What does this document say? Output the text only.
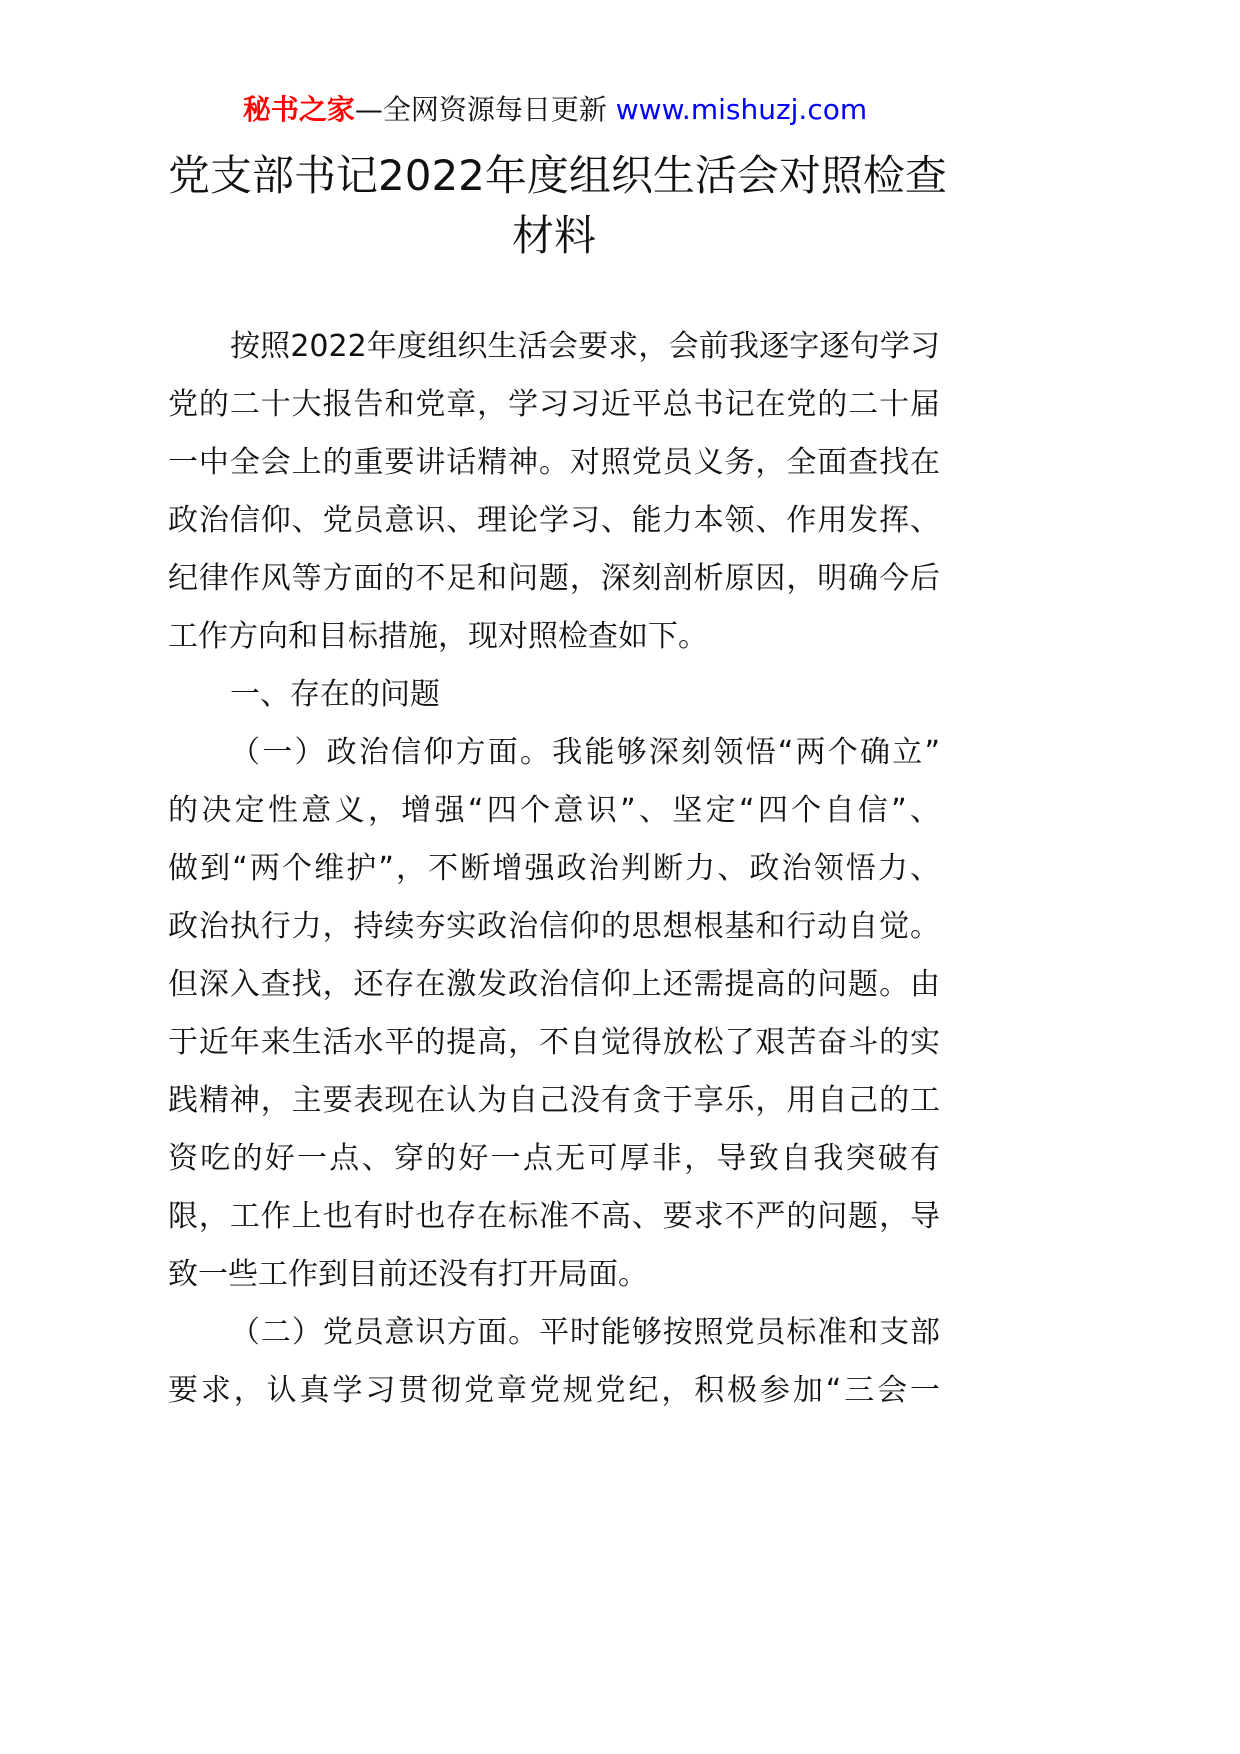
秘书之家—全网资源每日更新 www.mishuzj.com
党支部书记2022年度组织生活会对照检查
材料
按照2022年度组织生活会要求，会前我逐字逐句学习
党的二十大报告和党章，学习习近平总书记在党的二十届
一中全会上的重要讲话精神。对照党员义务，全面查找在
政治信仰、党员意识、理论学习、能力本领、作用发挥、
纪律作风等方面的不足和问题，深刻剖析原因，明确今后
工作方向和目标措施，现对照检查如下。
一、存在的问题
（一）政治信仰方面。我能够深刻领悟“两个确立”
的决定性意义，增强“四个意识”、坚定“四个自信”、
做到“两个维护”，不断增强政治判断力、政治领悟力、
政治执行力，持续夯实政治信仰的思想根基和行动自觉。
但深入查找，还存在激发政治信仰上还需提高的问题。由
于近年来生活水平的提高，不自觉得放松了艰苦奋斗的实
践精神，主要表现在认为自己没有贪于享乐，用自己的工
资吃的好一点、穿的好一点无可厚非，导致自我突破有
限，工作上也有时也存在标准不高、要求不严的问题，导
致一些工作到目前还没有打开局面。
（二）党员意识方面。平时能够按照党员标准和支部
要求，认真学习贯彻党章党规党纪，积极参加“三会一
